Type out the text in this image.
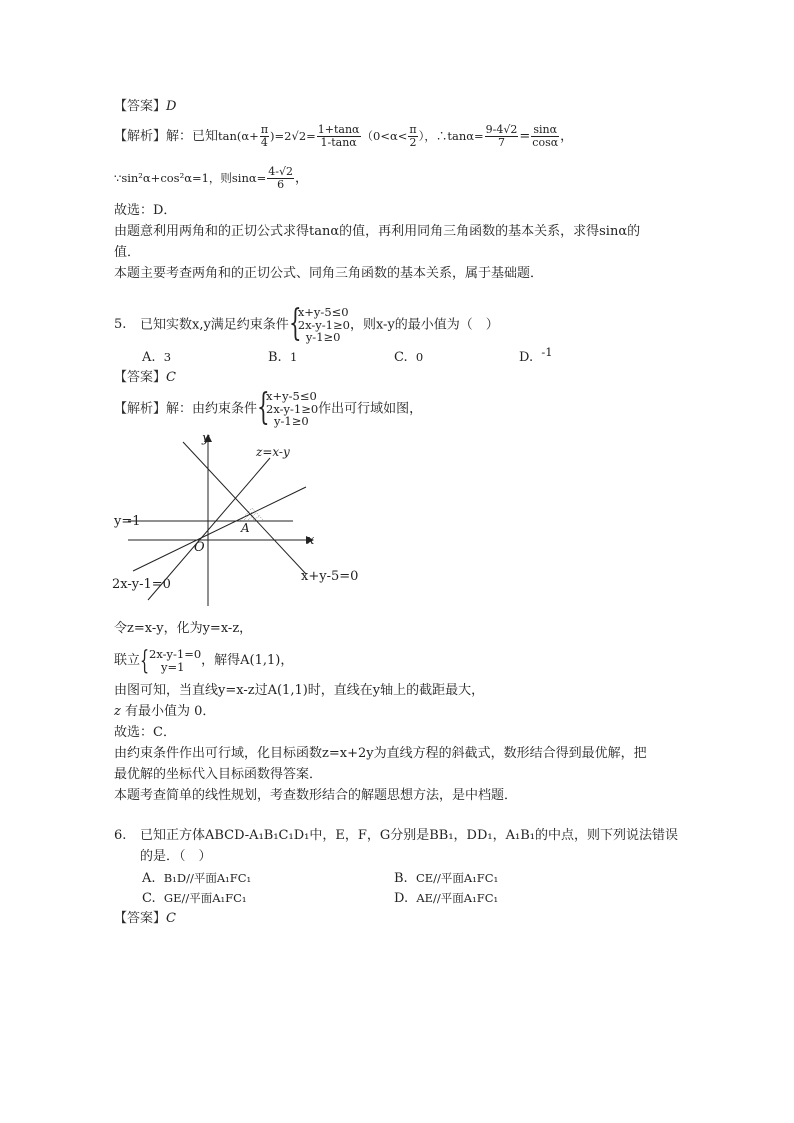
【答案】D
【解析】解：已知$\tan(\alpha+ \frac{\pi}{4} )=2√2= \frac{1+\tan\alpha}{1-\tan\alpha} (0<\alpha< \frac{\pi}{2}$ ），∴tanα= $\frac{9-4√2}{7} = \frac{\sin\alpha}{\cos\alpha}$ ，
∵sin²α+cos²α=1，则$\sin\alpha= \frac{4-√2}{6}$ ，
故选：D．
由题意利用两角和的正切公式求得tanα的值，再利用同角三角函数的基本关系，求得sinα的
值．
本题主要考查两角和的正切公式、同角三角函数的基本关系，属于基础题．
5. 已知实数x,y满足约束条件 {
x+y-5≤0
2x-y-1≥0
y-1≥0
，则x-y的最小值为（　）
A. 3	B. 1	C. 0	D. -1
【答案】C
【解析】解：由约束条件 {
x+y-5≤0
2x-y-1≥0
y-1≥0
作出可行域如图，
y
x
O
z=x-y
y=1	A
2x-y-1=0
x+y-5=0
令z=x-y，化为y=x-z，
联立 { 2x-y-1=0
y=1	，解得A(1,1)，
由图可知，当直线y=x-z过A(1,1)时，直线在y轴上的截距最大，
z 有最小值为 0．
故选：C．
由约束条件作出可行域，化目标函数z=x+2y为直线方程的斜截式，数形结合得到最优解，把
最优解的坐标代入目标函数得答案．
本题考查简单的线性规划，考查数形结合的解题思想方法，是中档题．
6. 已知正方体ABCD-A₁B₁C₁D₁中，E，F，G分别是BB₁，DD₁，A₁B₁的中点，则下列说法错误
的是．（　）
A. B₁D//平面A₁FC₁	B. CE//平面A₁FC₁
C. GE//平面A₁FC₁	D. AE//平面A₁FC₁
【答案】C
